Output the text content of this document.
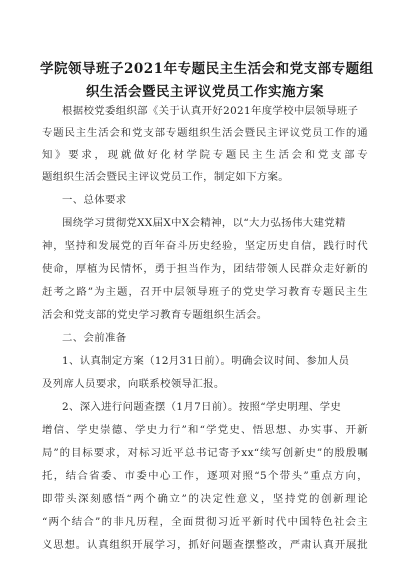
学院领导班子2021年专题民主生活会和党支部专题组
织生活会暨民主评议党员工作实施方案
根据校党委组织部《关于认真开好2021年度学校中层领导班子
专题民主生活会和党支部专题组织生活会暨民主评议党员工作的通
知》要求，现就做好化材学院专题民主生活会和党支部专
题组织生活会暨民主评议党员工作，制定如下方案。
一、总体要求
围绕学习贯彻党XX届X中X会精神，以“大力弘扬伟大建党精
神，坚持和发展党的百年奋斗历史经验，坚定历史自信，践行时代
使命，厚植为民情怀，勇于担当作为，团结带领人民群众走好新的
赶考之路”为主题，召开中层领导班子的党史学习教育专题民主生
活会和党支部的党史学习教育专题组织生活会。
二、会前准备
1、认真制定方案（12月31日前）。明确会议时间、参加人员
及列席人员要求，向联系校领导汇报。
2、深入进行问题查摆（1月7日前）。按照“学史明理、学史
增信、学史崇德、学史力行”和“学党史、悟思想、办实事、开新
局”的目标要求，对标习近平总书记寄予xx“续写创新史”的殷殷嘱
托，结合省委、市委中心工作，逐项对照“5个带头”重点方向，
即带头深刻感悟“两个确立”的决定性意义，坚持党的创新理论
“两个结合”的非凡历程，全面贯彻习近平新时代中国特色社会主
义思想。认真组织开展学习，抓好问题查摆整改，严肃认真开展批
